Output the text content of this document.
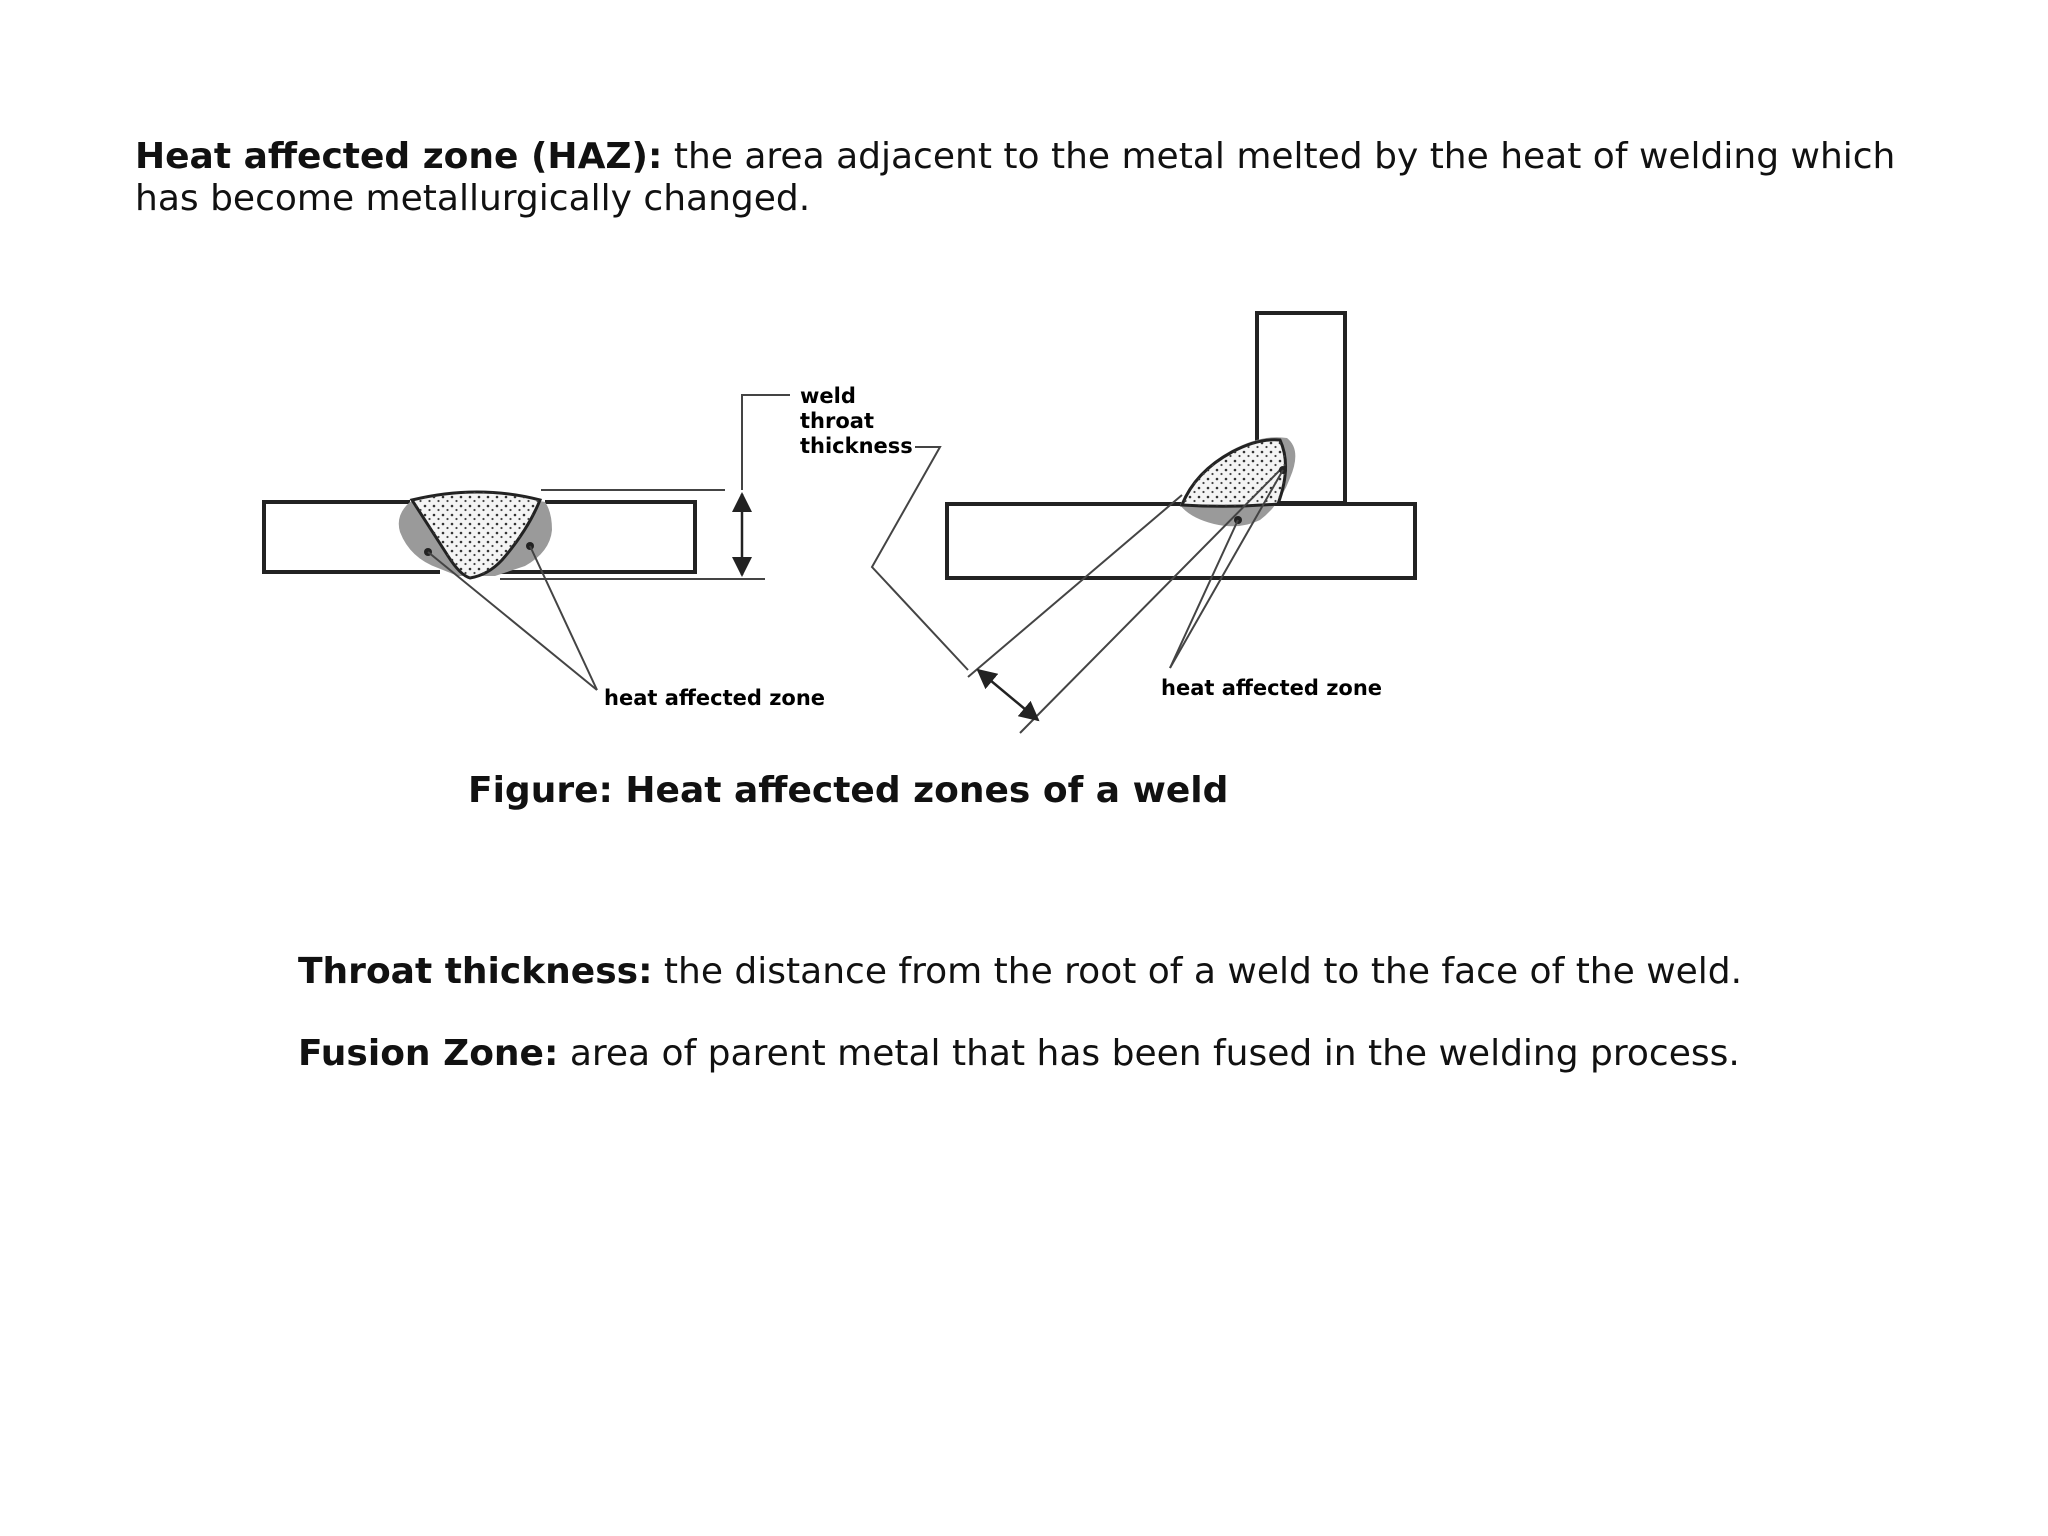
Heat affected zone (HAZ): the area adjacent to the metal melted by the heat of welding which has become metallurgically changed.

weld
throat
thickness
heat affected zone	heat affected zone

Figure: Heat affected zones of a weld

Throat thickness: the distance from the root of a weld to the face of the weld.

Fusion Zone: area of parent metal that has been fused in the welding process.
